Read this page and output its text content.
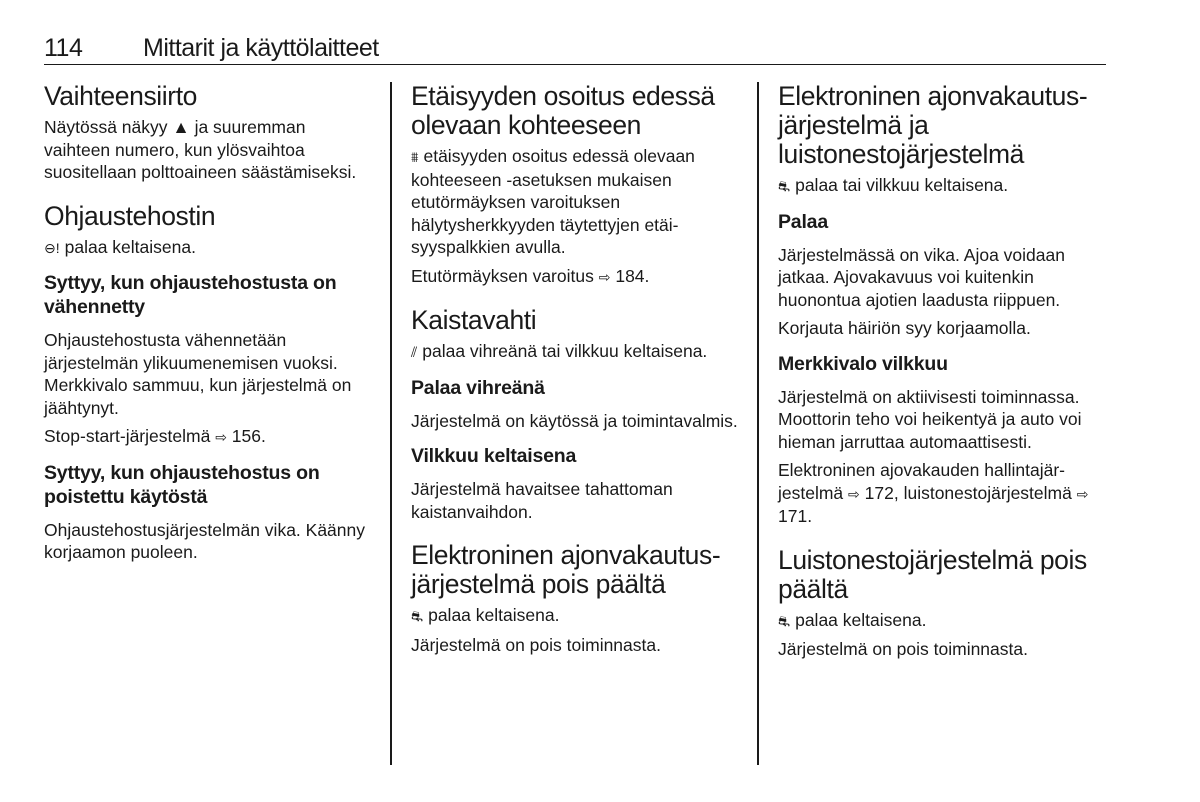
114 Mittarit ja käyttölaitteet
Vaihteensiirto
Näytössä näkyy ▲ ja suuremman vaihteen numero, kun ylösvaihtoa suositellaan polttoaineen säästämiseksi.
Ohjaustehostin
⊖! palaa keltaisena.
Syttyy, kun ohjaustehostusta on vähennetty
Ohjaustehostusta vähennetään järjestelmän ylikuumenemisen vuoksi. Merkkivalo sammuu, kun järjestelmä on jäähtynyt.
Stop-start-järjestelmä ⇨ 156.
Syttyy, kun ohjaustehostus on poistettu käytöstä
Ohjaustehostusjärjestelmän vika. Käänny korjaamon puoleen.
Etäisyyden osoitus edessä olevaan kohteeseen
⩩ etäisyyden osoitus edessä olevaan kohteeseen -asetuksen mukaisen etutörmäyksen varoituksen hälytysherkkyyden täytettyjen etäisyyspalkkien avulla.
Etutörmäyksen varoitus ⇨ 184.
Kaistavahti
⫽ palaa vihreänä tai vilkkuu keltaisena.
Palaa vihreänä
Järjestelmä on käytössä ja toimintavalmis.
Vilkkuu keltaisena
Järjestelmä havaitsee tahattoman kaistanvaihdon.
Elektroninen ajonvakautusjärjestelmä pois päältä
⛐ palaa keltaisena.
Järjestelmä on pois toiminnasta.
Elektroninen ajonvakautusjärjestelmä ja luistonestojärjestelmä
⛐ palaa tai vilkkuu keltaisena.
Palaa
Järjestelmässä on vika. Ajoa voidaan jatkaa. Ajovakavuus voi kuitenkin huonontua ajotien laadusta riippuen.
Korjauta häiriön syy korjaamolla.
Merkkivalo vilkkuu
Järjestelmä on aktiivisesti toiminnassa. Moottorin teho voi heikentyä ja auto voi hieman jarruttaa automaattisesti.
Elektroninen ajovakauden hallintajärjestelmä ⇨ 172, luistonestojärjestelmä ⇨ 171.
Luistonestojärjestelmä pois päältä
⛐ palaa keltaisena.
Järjestelmä on pois toiminnasta.
